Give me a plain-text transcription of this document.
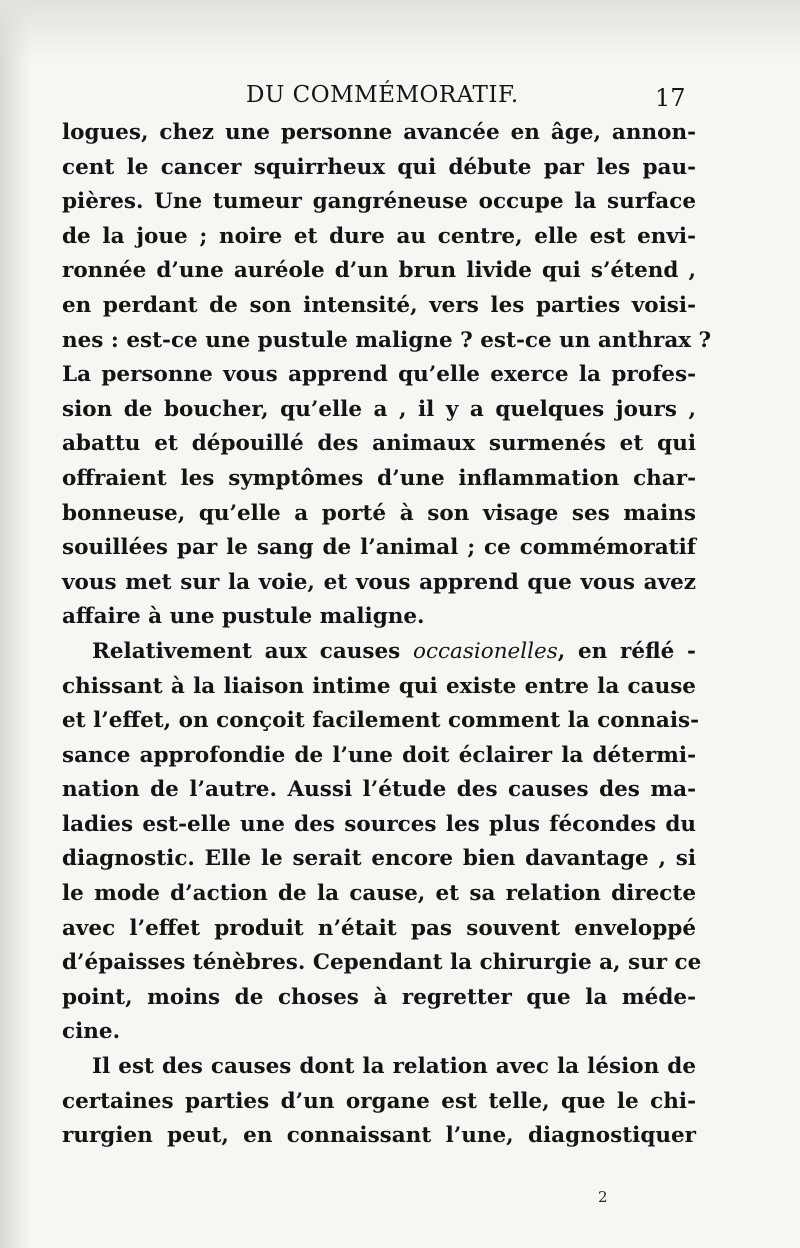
DU COMMÉMORATIF.	17
logues, chez une personne avancée en âge, annon-
cent le cancer squirrheux qui débute par les pau-
pières. Une tumeur gangréneuse occupe la surface
de la joue ; noire et dure au centre, elle est envi-
ronnée d’une auréole d’un brun livide qui s’étend ,
en perdant de son intensité, vers les parties voisi-
nes : est-ce une pustule maligne ? est-ce un anthrax ?
La personne vous apprend qu’elle exerce la profes-
sion de boucher, qu’elle a , il y a quelques jours ,
abattu et dépouillé des animaux surmenés et qui
offraient les symptômes d’une inflammation char-
bonneuse, qu’elle a porté à son visage ses mains
souillées par le sang de l’animal ; ce commémoratif
vous met sur la voie, et vous apprend que vous avez
affaire à une pustule maligne.
Relativement aux causes occasionelles, en réflé -
chissant à la liaison intime qui existe entre la cause
et l’effet, on conçoit facilement comment la connais-
sance approfondie de l’une doit éclairer la détermi-
nation de l’autre. Aussi l’étude des causes des ma-
ladies est-elle une des sources les plus fécondes du
diagnostic. Elle le serait encore bien davantage , si
le mode d’action de la cause, et sa relation directe
avec l’effet produit n’était pas souvent enveloppé
d’épaisses ténèbres. Cependant la chirurgie a, sur ce
point, moins de choses à regretter que la méde-
cine.
Il est des causes dont la relation avec la lésion de
certaines parties d’un organe est telle, que le chi-
rurgien peut, en connaissant l’une, diagnostiquer
2
